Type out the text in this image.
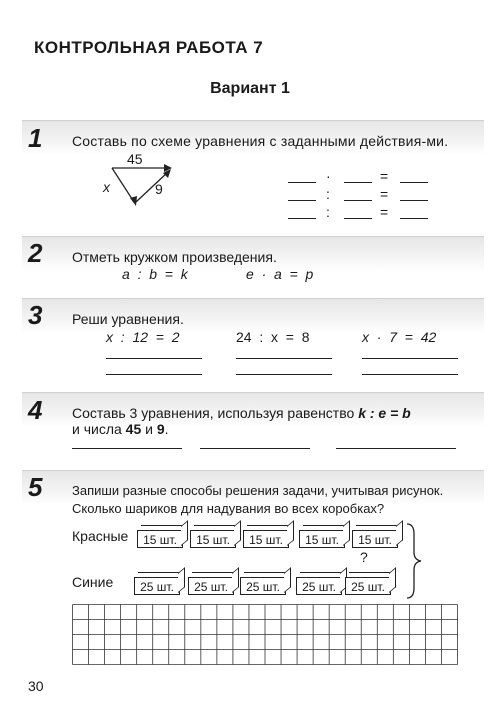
КОНТРОЛЬНАЯ РАБОТА 7
Вариант 1
1 Составь по схеме уравнения с заданными действия-ми.
45
x	9
·	=
:	=
:	=
2 Отметь кружком произведения.
a  :  b  =  k	e  ·  a  =  p
3 Реши уравнения.
x  :  12  =  2	24  :  x  =  8	x  ·  7  =  42
4 Составь 3 уравнения, используя равенство k : e = b
и числа 45 и 9.
5 Запиши разные способы решения задачи, учитывая рисунок.
Сколько шариков для надувания во всех коробках?
Красные	15 шт.	15 шт.	15 шт.	15 шт.	15 шт.
?
Синие	25 шт.	25 шт.	25 шт.	25 шт.	25 шт.
30
